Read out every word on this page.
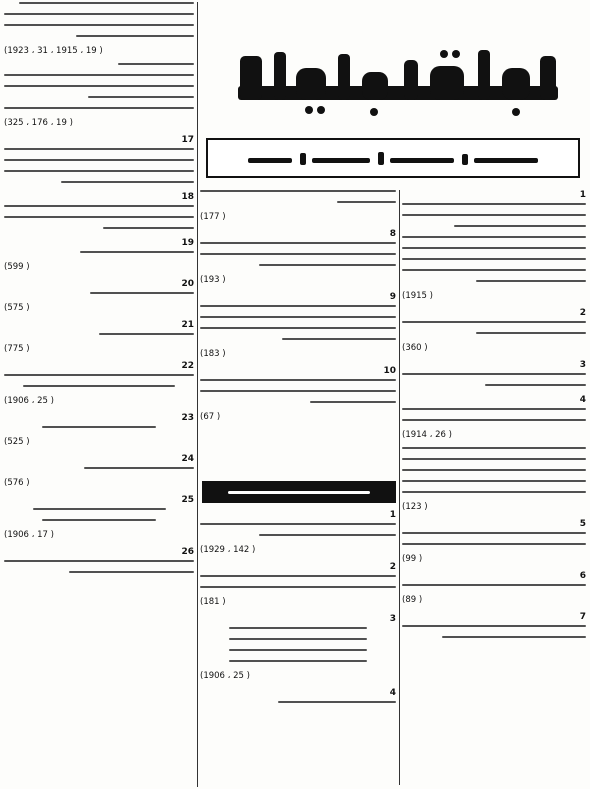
(1923 ، 31 ، 1915 ، 19 )
(325 ، 176 ، 19 )
17
18
19
(599 )
20
(575 )
21
(775 )
22
(1906 ، 25 )
23
(525 )
24
(576 )
25
(1906 ، 17 )
26
(177 )
8
(193 )
9
(183 )
10
(67 )
1
(1929 ، 142 )
2
(181 )
3
(1906 ، 25 )
4
1
(1915 )
2
(360 )
3
4
(1914 ، 26 )
(123 )
5
(99 )
6
(89 )
7
